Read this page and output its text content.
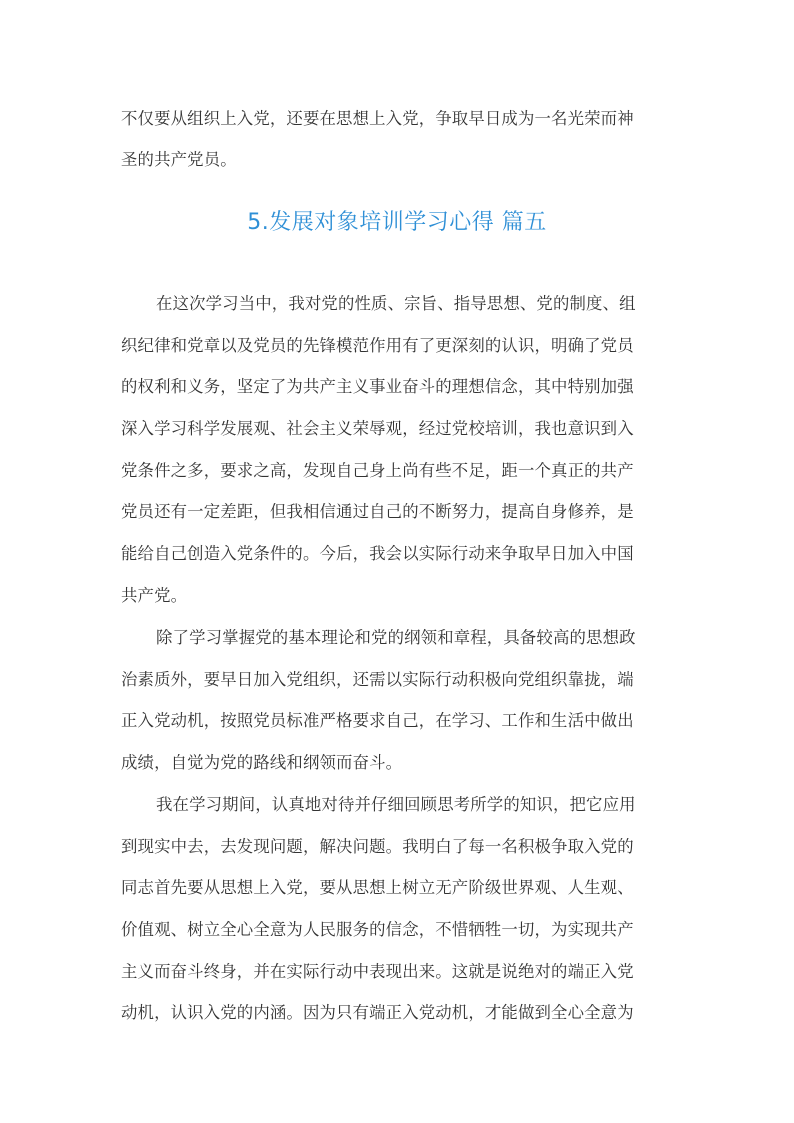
不仅要从组织上入党，还要在思想上入党，争取早日成为一名光荣而神
圣的共产党员。
5.发展对象培训学习心得 篇五
在这次学习当中，我对党的性质、宗旨、指导思想、党的制度、组
织纪律和党章以及党员的先锋模范作用有了更深刻的认识，明确了党员
的权利和义务，坚定了为共产主义事业奋斗的理想信念，其中特别加强
深入学习科学发展观、社会主义荣辱观，经过党校培训，我也意识到入
党条件之多，要求之高，发现自己身上尚有些不足，距一个真正的共产
党员还有一定差距，但我相信通过自己的不断努力，提高自身修养，是
能给自己创造入党条件的。今后，我会以实际行动来争取早日加入中国
共产党。
除了学习掌握党的基本理论和党的纲领和章程，具备较高的思想政
治素质外，要早日加入党组织，还需以实际行动积极向党组织靠拢，端
正入党动机，按照党员标准严格要求自己，在学习、工作和生活中做出
成绩，自觉为党的路线和纲领而奋斗。
我在学习期间，认真地对待并仔细回顾思考所学的知识，把它应用
到现实中去，去发现问题，解决问题。我明白了每一名积极争取入党的
同志首先要从思想上入党，要从思想上树立无产阶级世界观、人生观、
价值观、树立全心全意为人民服务的信念，不惜牺牲一切，为实现共产
主义而奋斗终身，并在实际行动中表现出来。这就是说绝对的端正入党
动机，认识入党的内涵。因为只有端正入党动机，才能做到全心全意为
